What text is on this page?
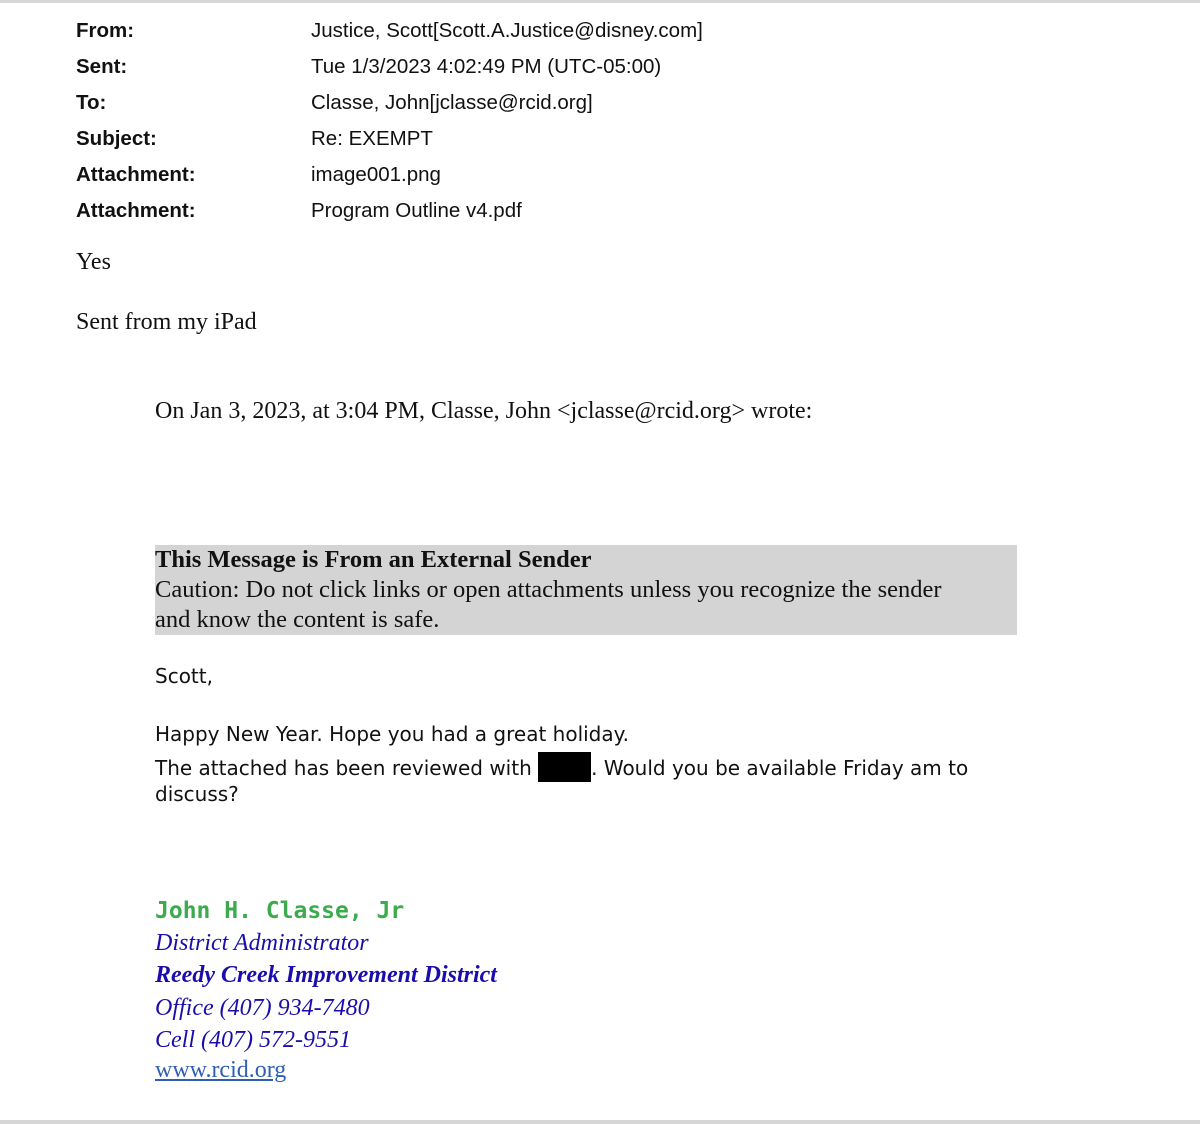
From:	Justice, Scott[Scott.A.Justice@disney.com]
Sent:	Tue 1/3/2023 4:02:49 PM (UTC-05:00)
To:	Classe, John[jclasse@rcid.org]
Subject:	Re: EXEMPT
Attachment:	image001.png
Attachment:	Program Outline v4.pdf
Yes
Sent from my iPad
On Jan 3, 2023, at 3:04 PM, Classe, John <jclasse@rcid.org> wrote:
This Message is From an External Sender
Caution: Do not click links or open attachments unless you recognize the sender
and know the content is safe.
Scott,
Happy New Year. Hope you had a great holiday.
The attached has been reviewed with	. Would you be available Friday am to
discuss?
John H. Classe, Jr
District Administrator
Reedy Creek Improvement District
Office (407) 934-7480
Cell (407) 572-9551
www.rcid.org
